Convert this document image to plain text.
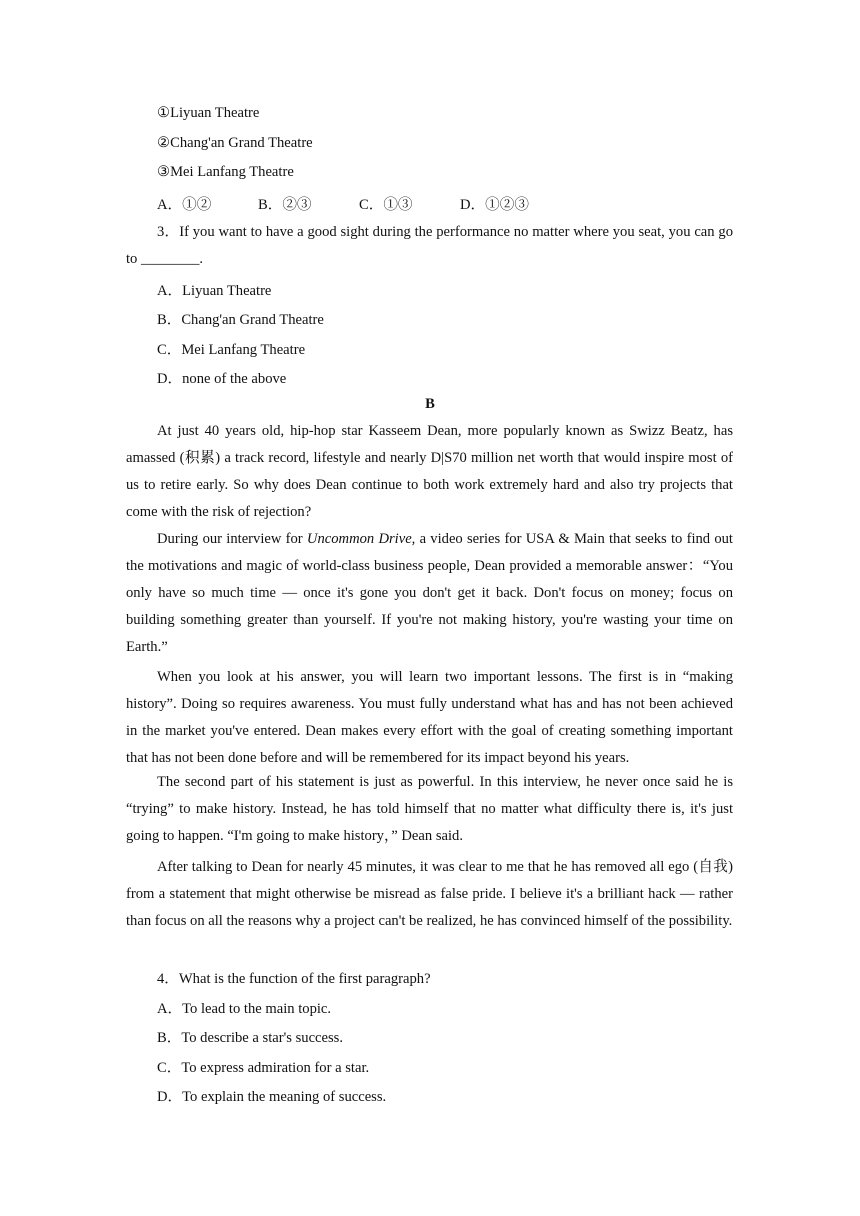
①Liyuan Theatre
②Chang'an Grand Theatre
③Mei Lanfang Theatre
A．①②	B．②③	C．①③	D．①②③
3．If you want to have a good sight during the performance no matter where you seat, you can go to ________.
A．Liyuan Theatre
B．Chang'an Grand Theatre
C．Mei Lanfang Theatre
D．none of the above
B
At just 40 years old, hip-hop star Kasseem Dean, more popularly known as Swizz Beatz, has amassed (积累) a track record, lifestyle and nearly D|S70 million net worth that would inspire most of us to retire early. So why does Dean continue to both work extremely hard and also try projects that come with the risk of rejection?
During our interview for Uncommon Drive, a video series for USA & Main that seeks to find out the motivations and magic of world-class business people, Dean provided a memorable answer：“You only have so much time — once it's gone you don't get it back. Don't focus on money; focus on building something greater than yourself. If you're not making history, you're wasting your time on Earth.”
When you look at his answer, you will learn two important lessons. The first is in “making history”. Doing so requires awareness. You must fully understand what has and has not been achieved in the market you've entered. Dean makes every effort with the goal of creating something important that has not been done before and will be remembered for its impact beyond his years.
The second part of his statement is just as powerful. In this interview, he never once said he is “trying” to make history. Instead, he has told himself that no matter what difficulty there is, it's just going to happen. “I'm going to make history，” Dean said.
After talking to Dean for nearly 45 minutes, it was clear to me that he has removed all ego (自我) from a statement that might otherwise be misread as false pride. I believe it's a brilliant hack — rather than focus on all the reasons why a project can't be realized, he has convinced himself of the possibility.
4．What is the function of the first paragraph?
A．To lead to the main topic.
B．To describe a star's success.
C．To express admiration for a star.
D．To explain the meaning of success.
